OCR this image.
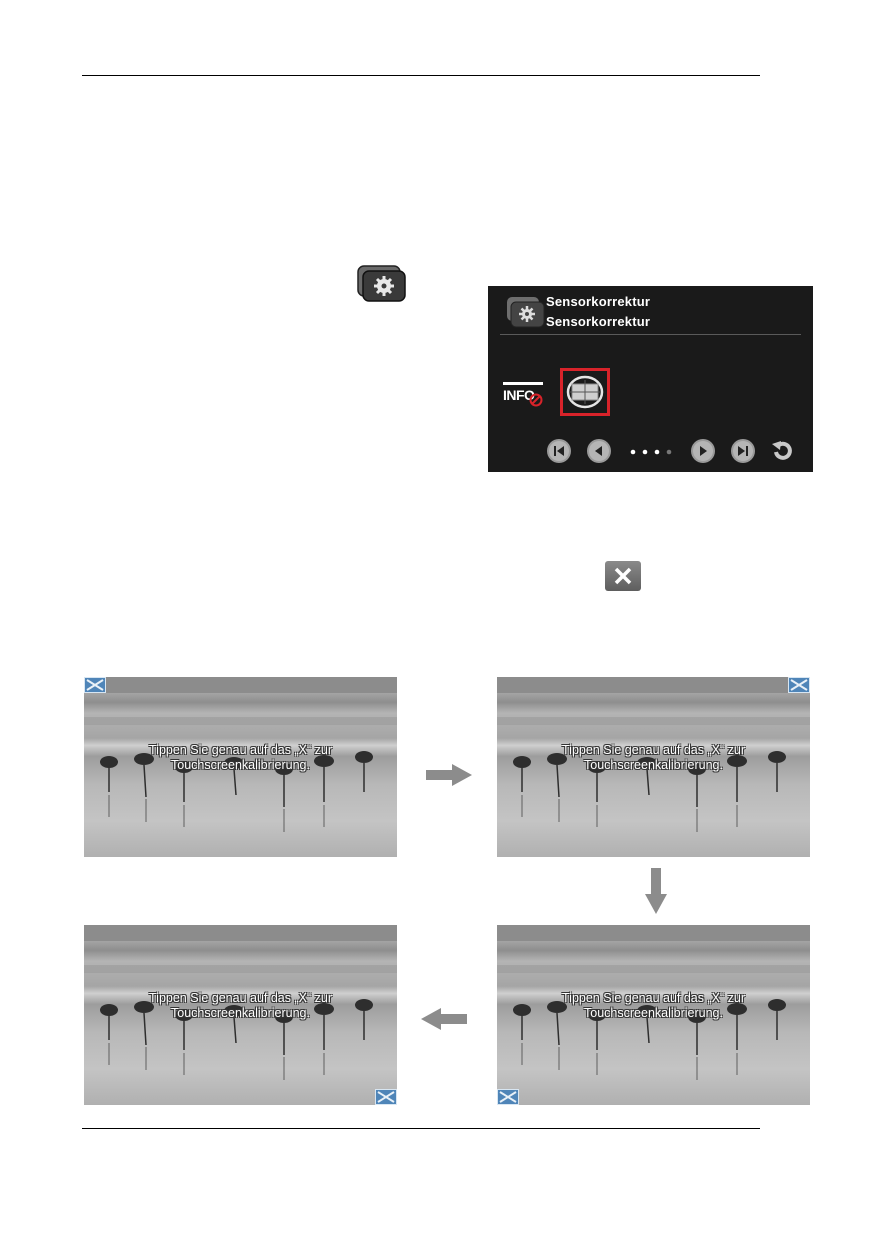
Sensorkorrektur
Sensorkorrektur
INFO
Tippen Sie genau auf das „X“ zur
Touchscreenkalibrierung.
Tippen Sie genau auf das „X“ zur
Touchscreenkalibrierung.
Tippen Sie genau auf das „X“ zur
Touchscreenkalibrierung.
Tippen Sie genau auf das „X“ zur
Touchscreenkalibrierung.
